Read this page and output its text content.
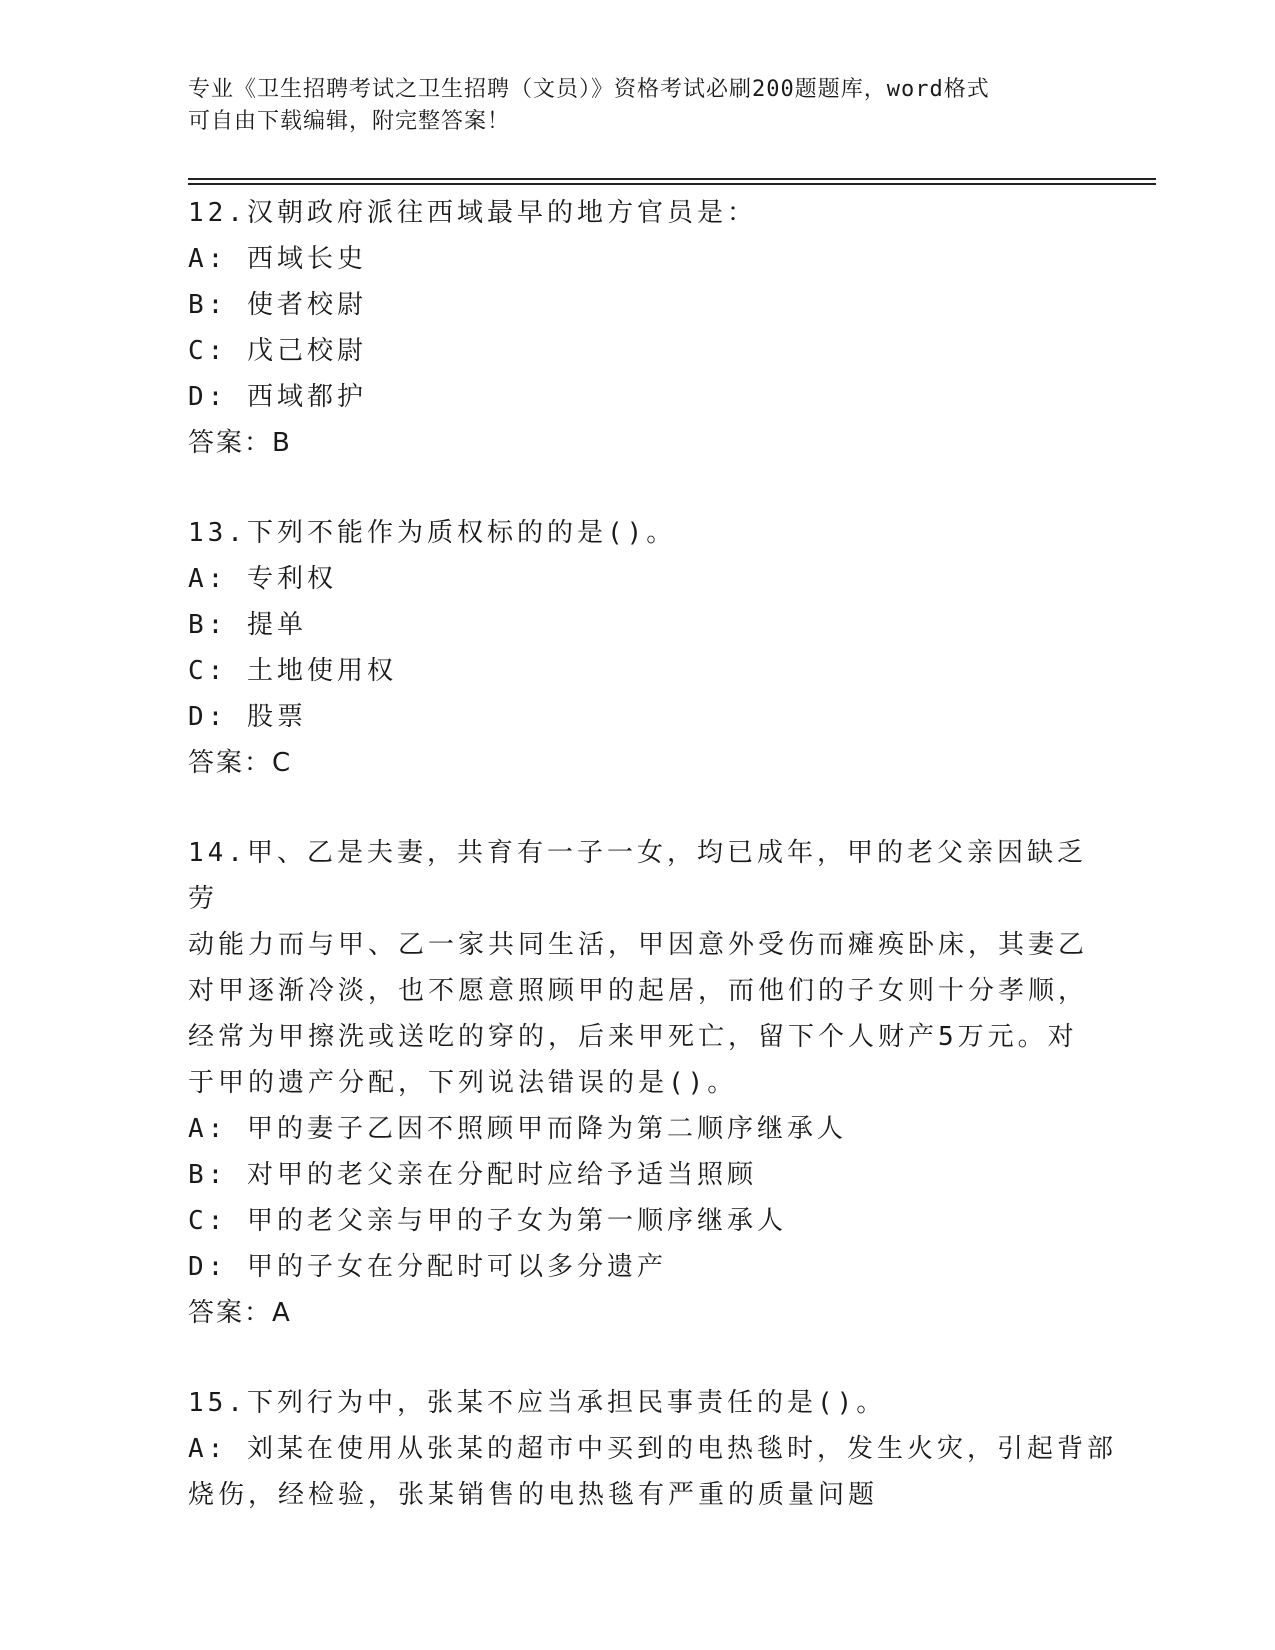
专业《卫生招聘考试之卫生招聘（文员）》资格考试必刷200题题库，word格式
可自由下载编辑，附完整答案！

12.汉朝政府派往西域最早的地方官员是：

A: 西域长史

B: 使者校尉

C: 戊己校尉

D: 西域都护

答案：B

13.下列不能作为质权标的的是()。

A: 专利权

B: 提单

C: 土地使用权

D: 股票

答案：C

14.甲、乙是夫妻，共育有一子一女，均已成年，甲的老父亲因缺乏劳

动能力而与甲、乙一家共同生活，甲因意外受伤而瘫痪卧床，其妻乙

对甲逐渐冷淡，也不愿意照顾甲的起居，而他们的子女则十分孝顺，

经常为甲擦洗或送吃的穿的，后来甲死亡，留下个人财产5万元。对

于甲的遗产分配，下列说法错误的是()。

A: 甲的妻子乙因不照顾甲而降为第二顺序继承人

B: 对甲的老父亲在分配时应给予适当照顾

C: 甲的老父亲与甲的子女为第一顺序继承人

D: 甲的子女在分配时可以多分遗产

答案：A

15.下列行为中，张某不应当承担民事责任的是()。

A: 刘某在使用从张某的超市中买到的电热毯时，发生火灾，引起背部

烧伤，经检验，张某销售的电热毯有严重的质量问题
